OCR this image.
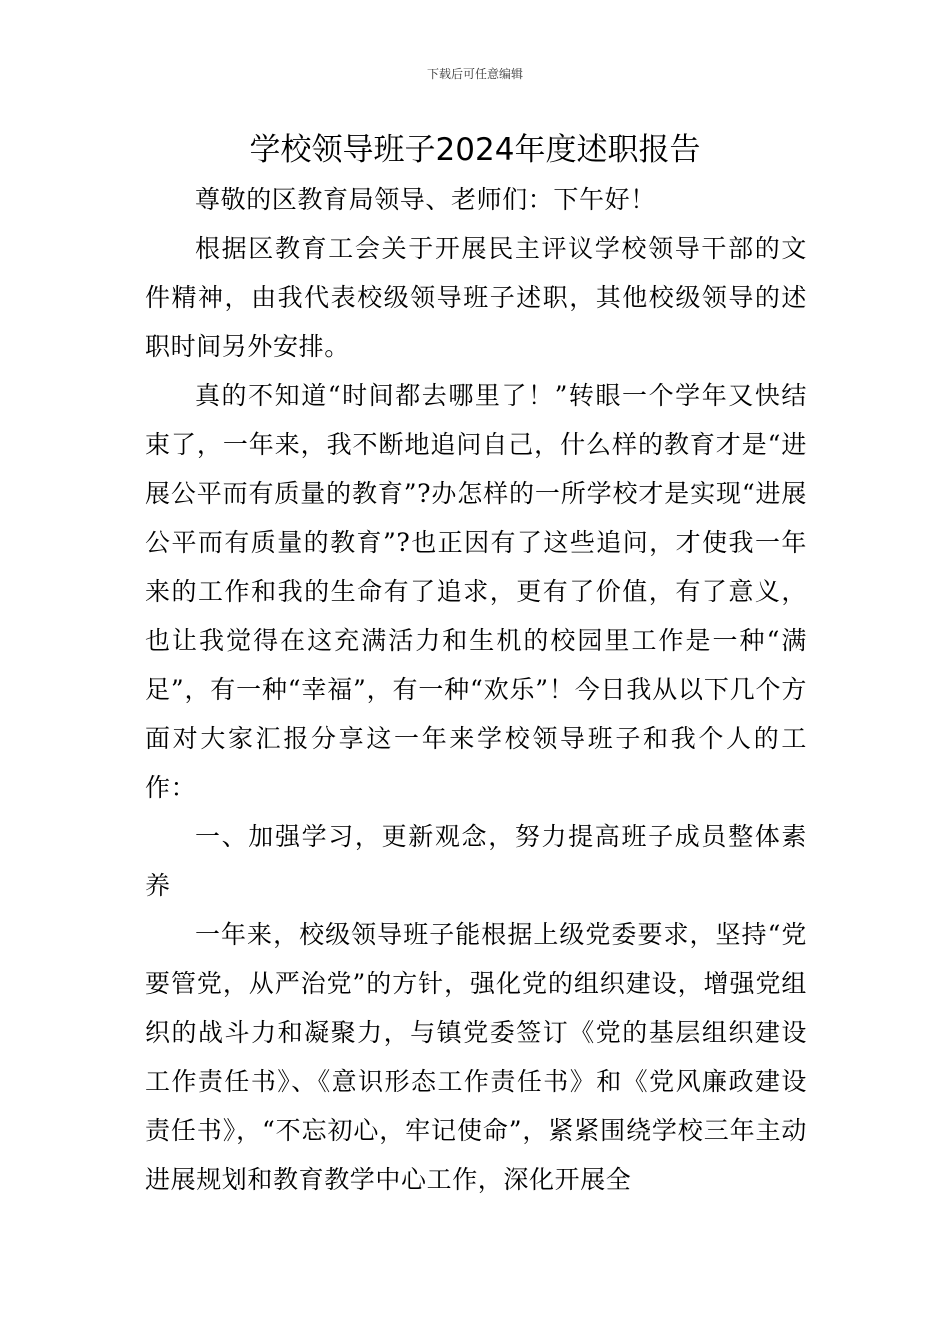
下载后可任意编辑
学校领导班子2024年度述职报告

尊敬的区教育局领导、老师们：下午好！

根据区教育工会关于开展民主评议学校领导干部的文件精神，由我代表校级领导班子述职，其他校级领导的述职时间另外安排。

真的不知道“时间都去哪里了！”转眼一个学年又快结束了，一年来，我不断地追问自己，什么样的教育才是“进展公平而有质量的教育”?办怎样的一所学校才是实现“进展公平而有质量的教育”?也正因有了这些追问，才使我一年来的工作和我的生命有了追求，更有了价值，有了意义，也让我觉得在这充满活力和生机的校园里工作是一种“满足”，有一种“幸福”，有一种“欢乐”！今日我从以下几个方面对大家汇报分享这一年来学校领导班子和我个人的工作：

一、加强学习，更新观念，努力提高班子成员整体素养

一年来，校级领导班子能根据上级党委要求，坚持“党要管党，从严治党”的方针，强化党的组织建设，增强党组织的战斗力和凝聚力，与镇党委签订《党的基层组织建设工作责任书》、《意识形态工作责任书》和《党风廉政建设责任书》，“不忘初心，牢记使命”，紧紧围绕学校三年主动进展规划和教育教学中心工作，深化开展全
